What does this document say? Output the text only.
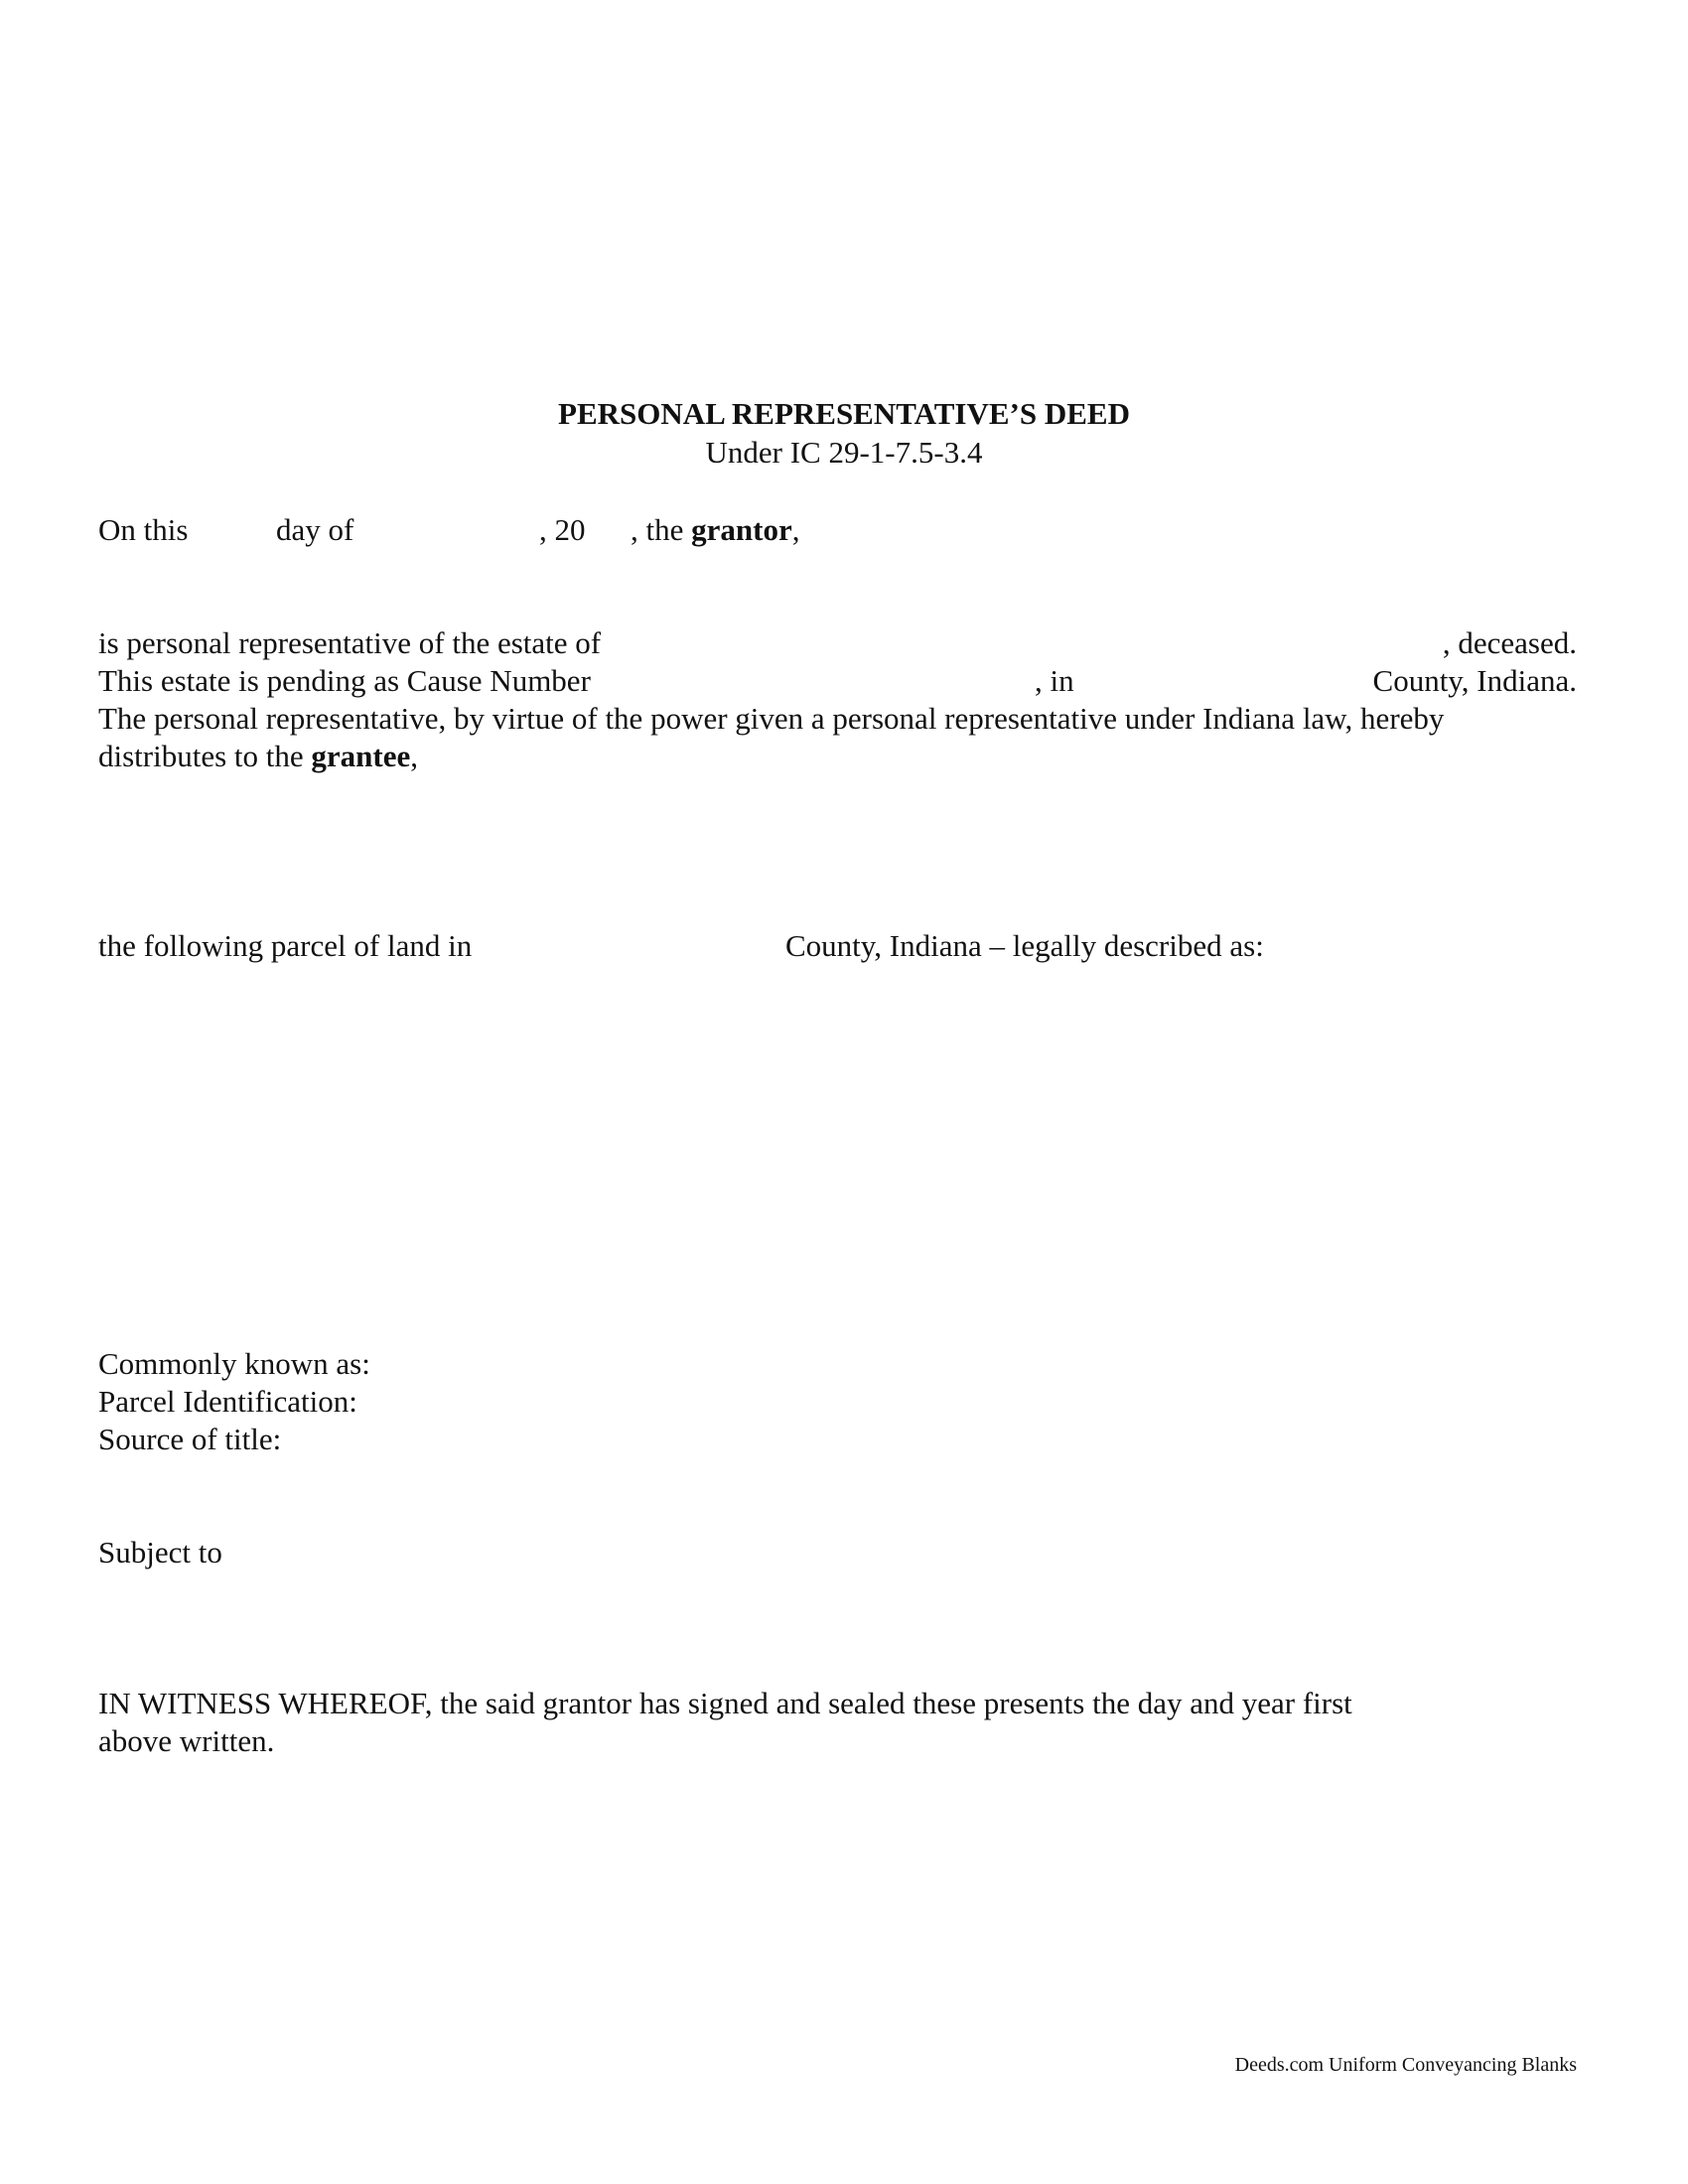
PERSONAL REPRESENTATIVE’S DEED
Under IC 29-1-7.5-3.4
On this	day of	, 20 , the grantor,
is personal representative of the estate of	, deceased.
This estate is pending as Cause Number	, in	County, Indiana.
The personal representative, by virtue of the power given a personal representative under Indiana law, hereby
distributes to the grantee,
the following parcel of land in	County, Indiana – legally described as:
Commonly known as:
Parcel Identification:
Source of title:
Subject to
IN WITNESS WHEREOF, the said grantor has signed and sealed these presents the day and year first
above written.
Deeds.com Uniform Conveyancing Blanks
